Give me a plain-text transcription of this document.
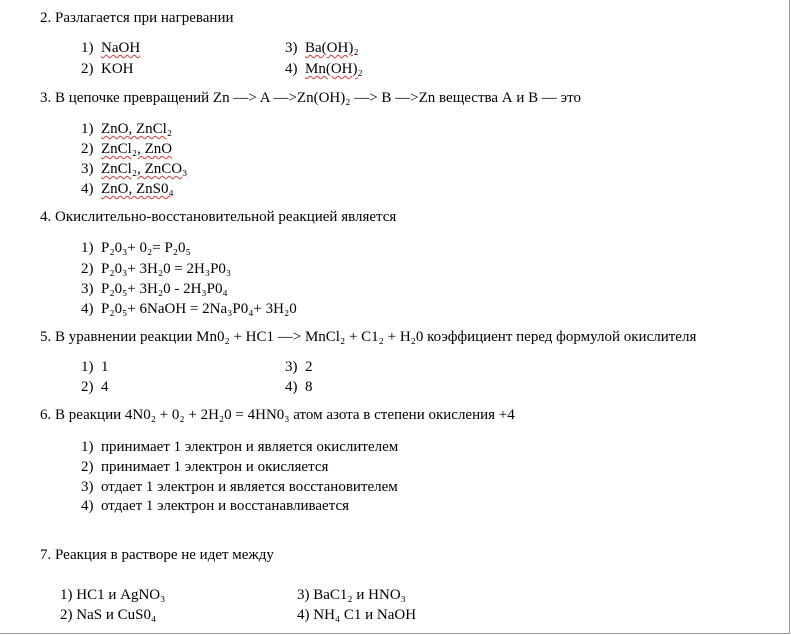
2. Разлагается при нагревании
1) NaOH	3) Ba(OH)₂
2) KOH	4) Mn(OH)₂
3. В цепочке превращений Zn —> A —>Zn(OH)₂ —> B —>Zn вещества А и В — это
1) ZnO, ZnCl₂
2) ZnCl₂, ZnO
3) ZnCl₂, ZnCO₃
4) ZnO, ZnS0₄
4. Окислительно-восстановительной реакцией является
1) P₂0₃+ 0₂= P₂0₅
2) P₂0₃+ 3H₂0 = 2H₃P0₃
3) P₂0₅+ 3H₂0 - 2H₃P0₄
4) P₂0₅+ 6NaOH = 2Na₃P0₄+ 3H₂0
5. В уравнении реакции Mn0₂ + HC1 —> MnCl₂ + C1₂ + H₂0 коэффициент перед формулой окислителя
1) 1	3) 2
2) 4	4) 8
6. В реакции 4N0₂ + 0₂ + 2H₂0 = 4HN0₃ атом азота в степени окисления +4
1) принимает 1 электрон и является окислителем
2) принимает 1 электрон и окисляется
3) отдает 1 электрон и является восстановителем
4) отдает 1 электрон и восстанавливается
7. Реакция в растворе не идет между
1) HC1 и AgNO₃	3) BaC1₂ и HNO₃
2) NaS и CuS0₄	4) NH₄ C1 и NaOH
